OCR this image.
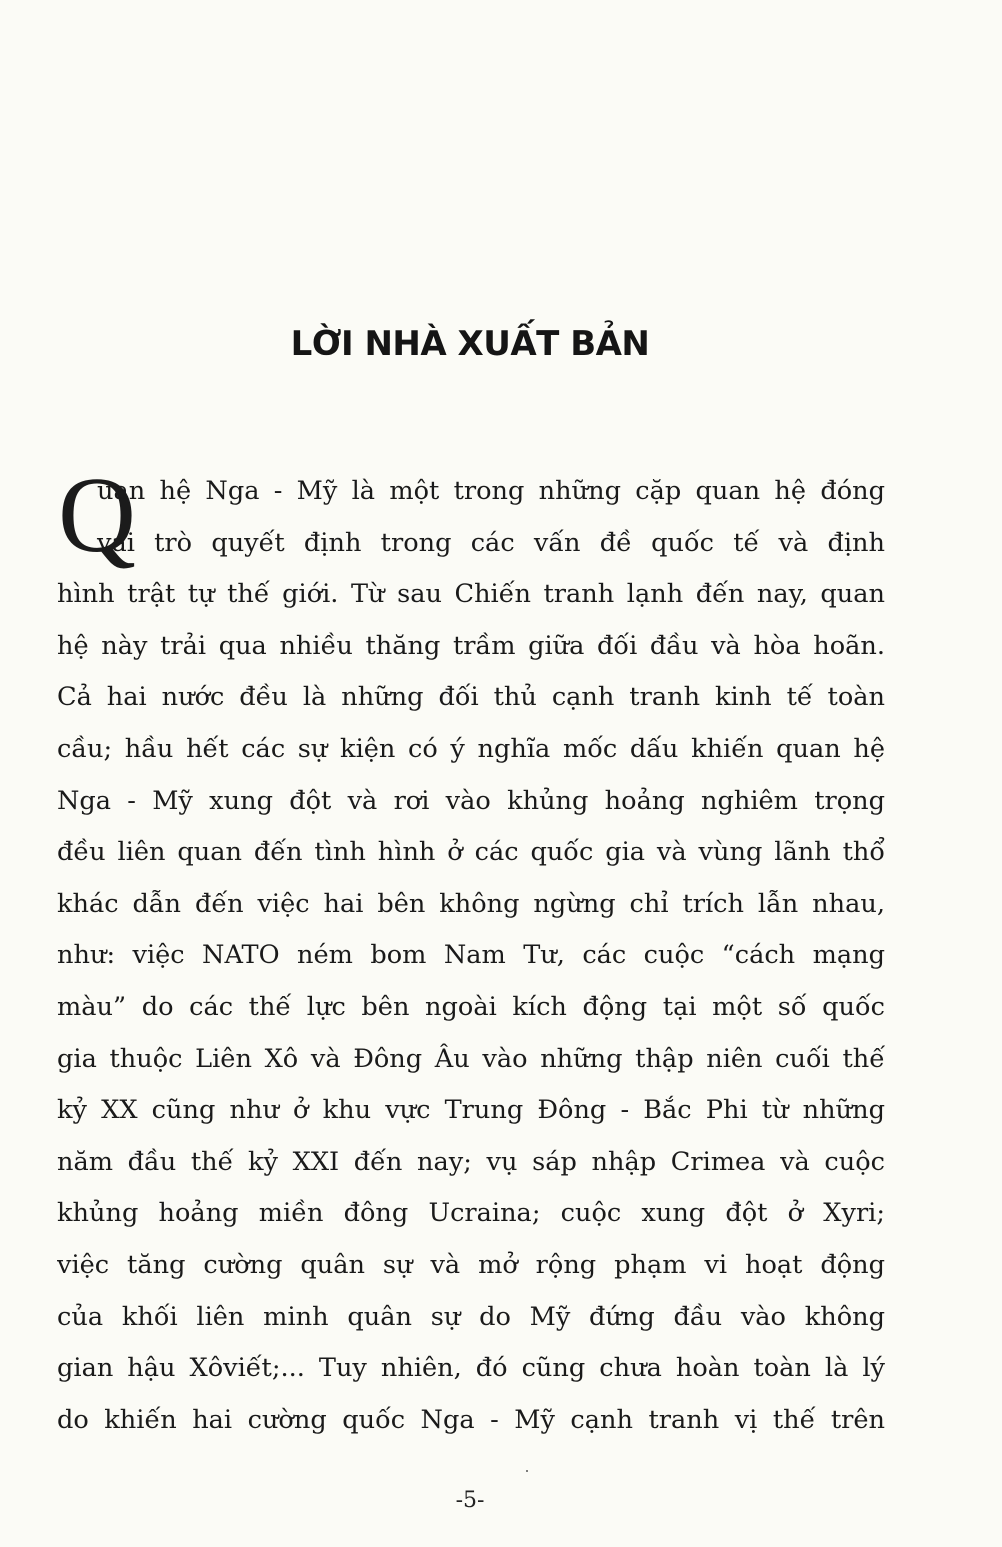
LỜI NHÀ XUẤT BẢN
Q
uan hệ Nga - Mỹ là một trong những cặp quan hệ đóng
vai trò quyết định trong các vấn đề quốc tế và định
hình trật tự thế giới. Từ sau Chiến tranh lạnh đến nay, quan
hệ này trải qua nhiều thăng trầm giữa đối đầu và hòa hoãn.
Cả hai nước đều là những đối thủ cạnh tranh kinh tế toàn
cầu; hầu hết các sự kiện có ý nghĩa mốc dấu khiến quan hệ
Nga - Mỹ xung đột và rơi vào khủng hoảng nghiêm trọng
đều liên quan đến tình hình ở các quốc gia và vùng lãnh thổ
khác dẫn đến việc hai bên không ngừng chỉ trích lẫn nhau,
như: việc NATO ném bom Nam Tư, các cuộc “cách mạng
màu” do các thế lực bên ngoài kích động tại một số quốc
gia thuộc Liên Xô và Đông Âu vào những thập niên cuối thế
kỷ XX cũng như ở khu vực Trung Đông - Bắc Phi từ những
năm đầu thế kỷ XXI đến nay; vụ sáp nhập Crimea và cuộc
khủng hoảng miền đông Ucraina; cuộc xung đột ở Xyri;
việc tăng cường quân sự và mở rộng phạm vi hoạt động
của khối liên minh quân sự do Mỹ đứng đầu vào không
gian hậu Xôviết;... Tuy nhiên, đó cũng chưa hoàn toàn là lý
do khiến hai cường quốc Nga - Mỹ cạnh tranh vị thế trên
-5-
